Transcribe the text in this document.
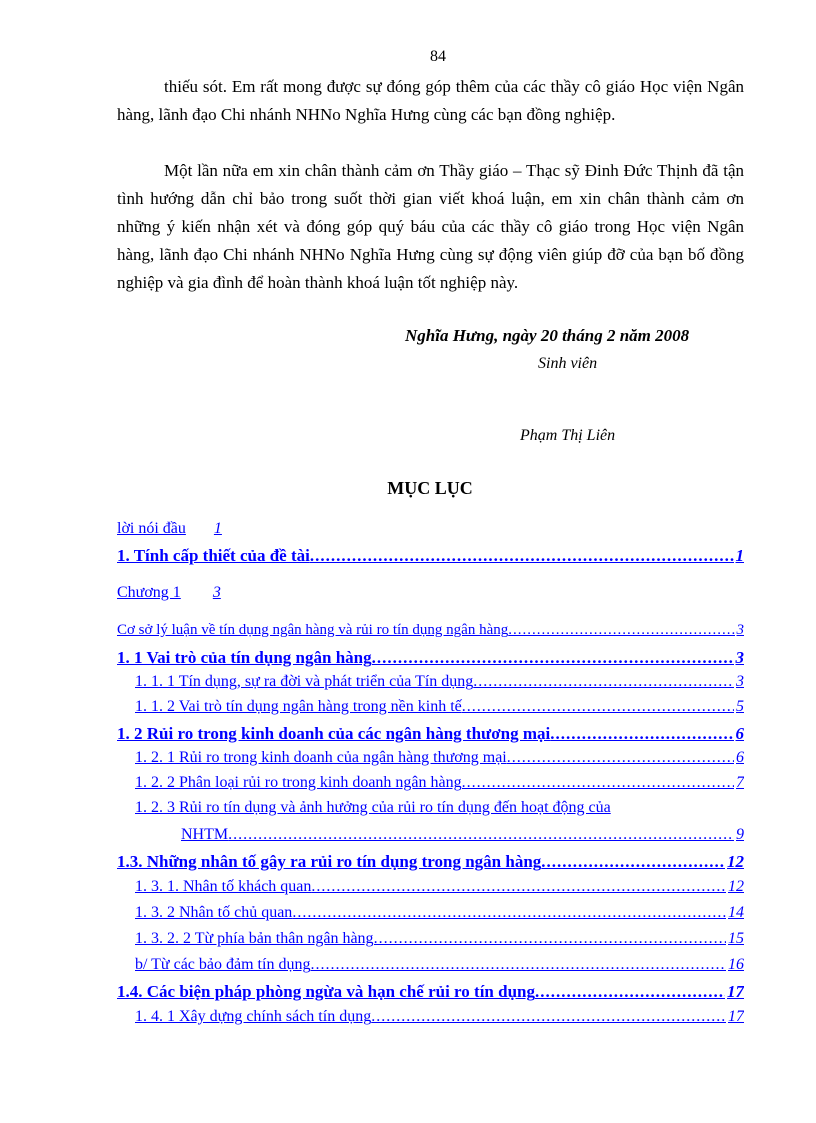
84

thiếu sót. Em rất mong được sự đóng góp thêm của các thầy cô giáo Học viện Ngân hàng, lãnh đạo Chi nhánh NHNo Nghĩa Hưng cùng các bạn đồng nghiệp.

Một lần nữa em xin chân thành cảm ơn Thầy giáo – Thạc sỹ Đinh Đức Thịnh đã tận tình hướng dẫn chỉ bảo trong suốt thời gian viết khoá luận, em xin chân thành cảm ơn những ý kiến nhận xét và đóng góp quý báu của các thầy cô giáo trong Học viện Ngân hàng, lãnh đạo Chi nhánh NHNo Nghĩa Hưng cùng sự động viên giúp đỡ của bạn bố đồng nghiệp và gia đình để hoàn thành khoá luận tốt nghiệp này.

Nghĩa Hưng, ngày 20 tháng 2 năm 2008
Sinh viên
Phạm Thị Liên
MỤC LỤC
lời nói đầu 1
1. Tính cấp thiết của đề tài .....	1
Chương 1 3
Cơ sở lý luận về tín dụng ngân hàng và rủi ro tín dụng ngân hàng .....	3
1. 1 Vai trò của tín dụng ngân hàng .....	3
1. 1. 1 Tín dụng, sự ra đời và phát triển của Tín dụng .....	3
1. 1. 2 Vai trò tín dụng ngân hàng trong nền kinh tế .....	5
1. 2 Rủi ro trong kinh doanh của các ngân hàng thương mại .....	6
1. 2. 1 Rủi ro trong kinh doanh của ngân hàng thương mại .....	6
1. 2. 2 Phân loại rủi ro trong kinh doanh ngân hàng .....	7
1. 2. 3 Rủi ro tín dụng và ảnh hưởng của rủi ro tín dụng đến hoạt động của
NHTM .....	9
1.3. Những nhân tố gây ra rủi ro tín dụng trong ngân hàng .....	12
1. 3. 1. Nhân tố khách quan .....	12
1. 3. 2 Nhân tố chủ quan .....	14
1. 3. 2. 2 Từ phía bản thân ngân hàng .....	15
b/ Từ các bảo đảm tín dụng .....	16
1.4. Các biện pháp phòng ngừa và hạn chế rủi ro tín dụng .....	17
1. 4. 1 Xây dựng chính sách tín dụng .....	17
